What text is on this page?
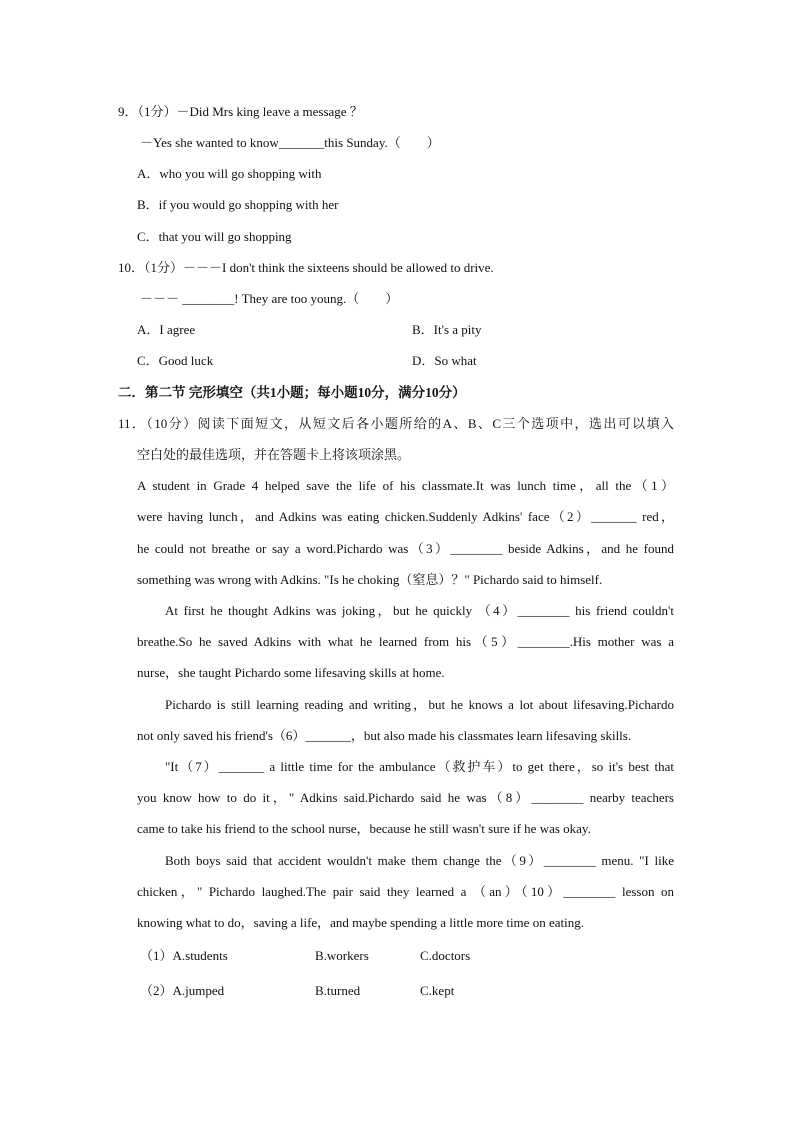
9．（1分）－Did Mrs king leave a message ？
－Yes she wanted to know_______this Sunday.（　　）
A．who you will go shopping with
B．if you would go shopping with her
C．that you will go shopping
10．（1分）－－－I don't think the sixteens should be allowed to drive.
－－－ ________! They are too young.（　　）
A．I agree	B．It's a pity
C．Good luck	D．So what
二．第二节 完形填空（共1小题；每小题10分，满分10分）
11．（10分）阅读下面短文，从短文后各小题所给的A、B、C三个选项中，选出可以填入
空白处的最佳选项，并在答题卡上将该项涂黑。
A student in Grade 4 helped save the life of his classmate.It was lunch time，all the（1）
were having lunch，and Adkins was eating chicken.Suddenly Adkins' face（2）_______ red，
he could not breathe or say a word.Pichardo was（3）________ beside Adkins，and he found
something was wrong with Adkins. "Is he choking（窒息）？" Pichardo said to himself.
At first he thought Adkins was joking，but he quickly （4）________ his friend couldn't
breathe.So he saved Adkins with what he learned from his（5）________.His mother was a
nurse，she taught Pichardo some lifesaving skills at home.
Pichardo is still learning reading and writing，but he knows a lot about lifesaving.Pichardo
not only saved his friend's（6）_______，but also made his classmates learn lifesaving skills.
"It（7）_______ a little time for the ambulance（救护车）to get there，so it's best that
you know how to do it，" Adkins said.Pichardo said he was（8）________ nearby teachers
came to take his friend to the school nurse，because he still wasn't sure if he was okay.
Both boys said that accident wouldn't make them change the（9）________ menu. "I like
chicken，" Pichardo laughed.The pair said they learned a （an）（10）________ lesson on
knowing what to do，saving a life，and maybe spending a little more time on eating.
（1）A.students	B.workers	C.doctors
（2）A.jumped	B.turned	C.kept
